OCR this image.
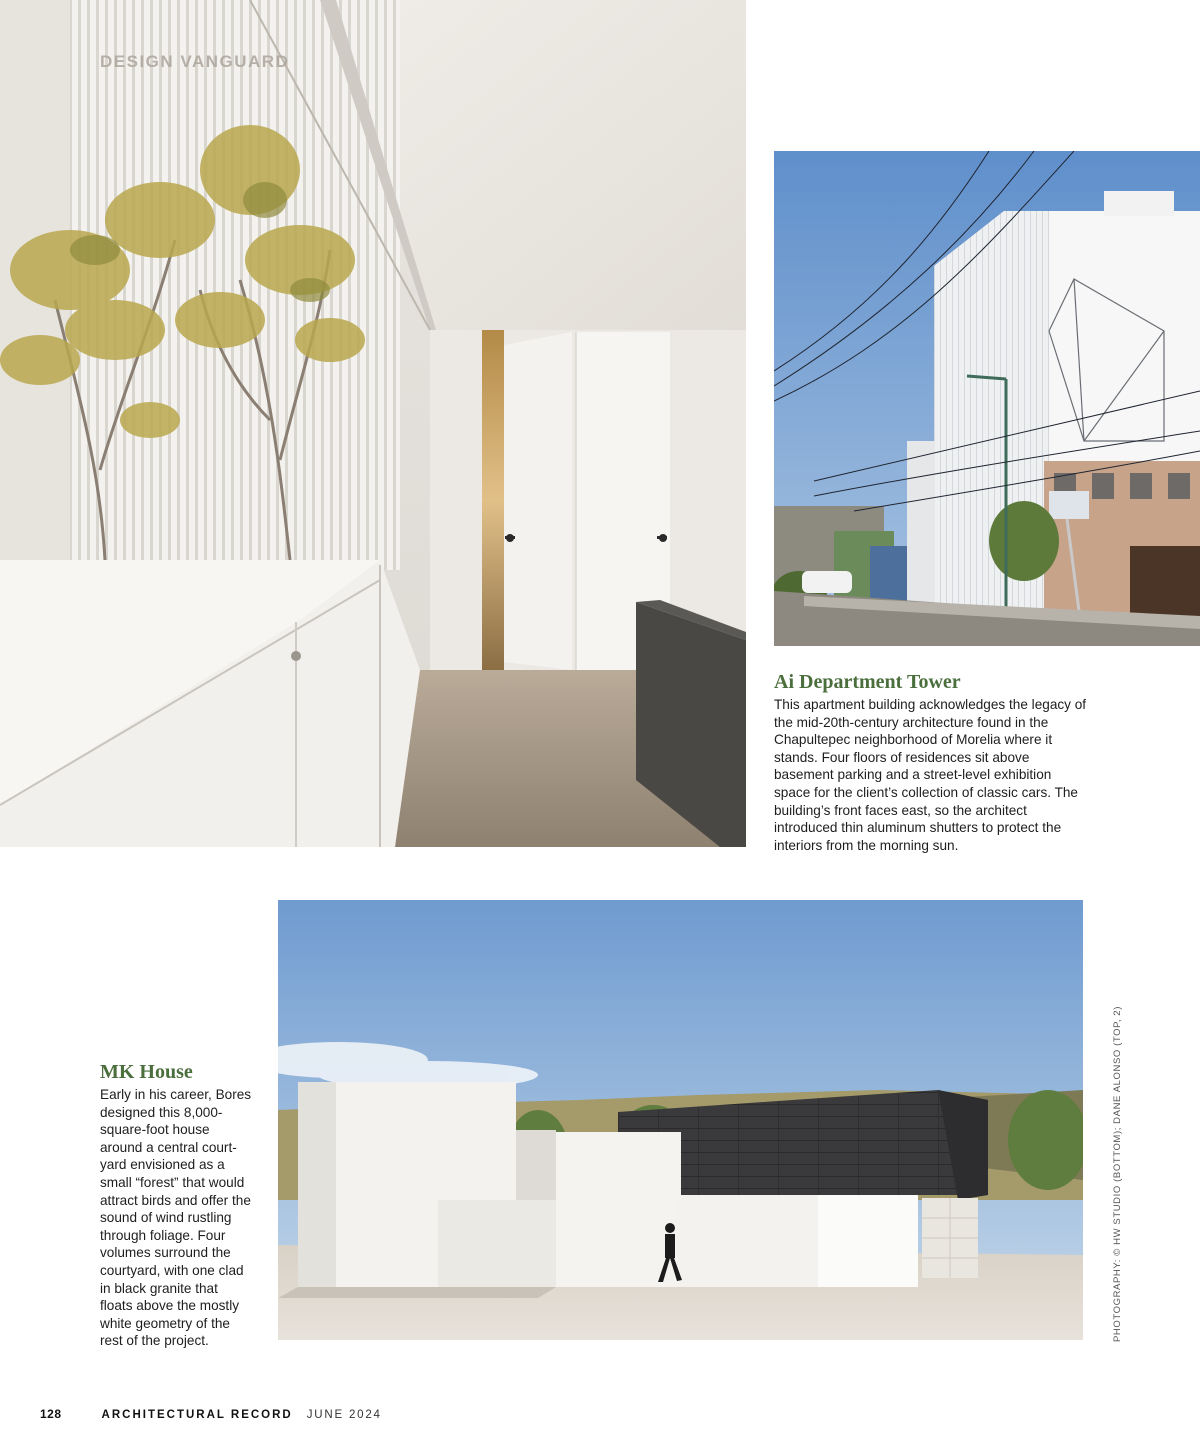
DESIGN VANGUARD

Ai Department Tower

This apartment building acknowledges the legacy of the mid-20th-century architecture found in the Chapultepec neighborhood of Morelia where it stands. Four floors of residences sit above basement parking and a street-level exhibition space for the client’s collection of classic cars. The building’s front faces east, so the architect introduced thin aluminum shutters to protect the interiors from the morning sun.

MK House

Early in his career, Bores designed this 8,000-square-foot house around a central court-yard envisioned as a small “forest” that would attract birds and offer the sound of wind rustling through foliage. Four volumes surround the courtyard, with one clad in black granite that floats above the mostly white geometry of the rest of the project.	PHOTOGRAPHY: © HW STUDIO (BOTTOM); DANE ALONSO (TOP, 2)
128	ARCHITECTURAL RECORD JUNE 2024
